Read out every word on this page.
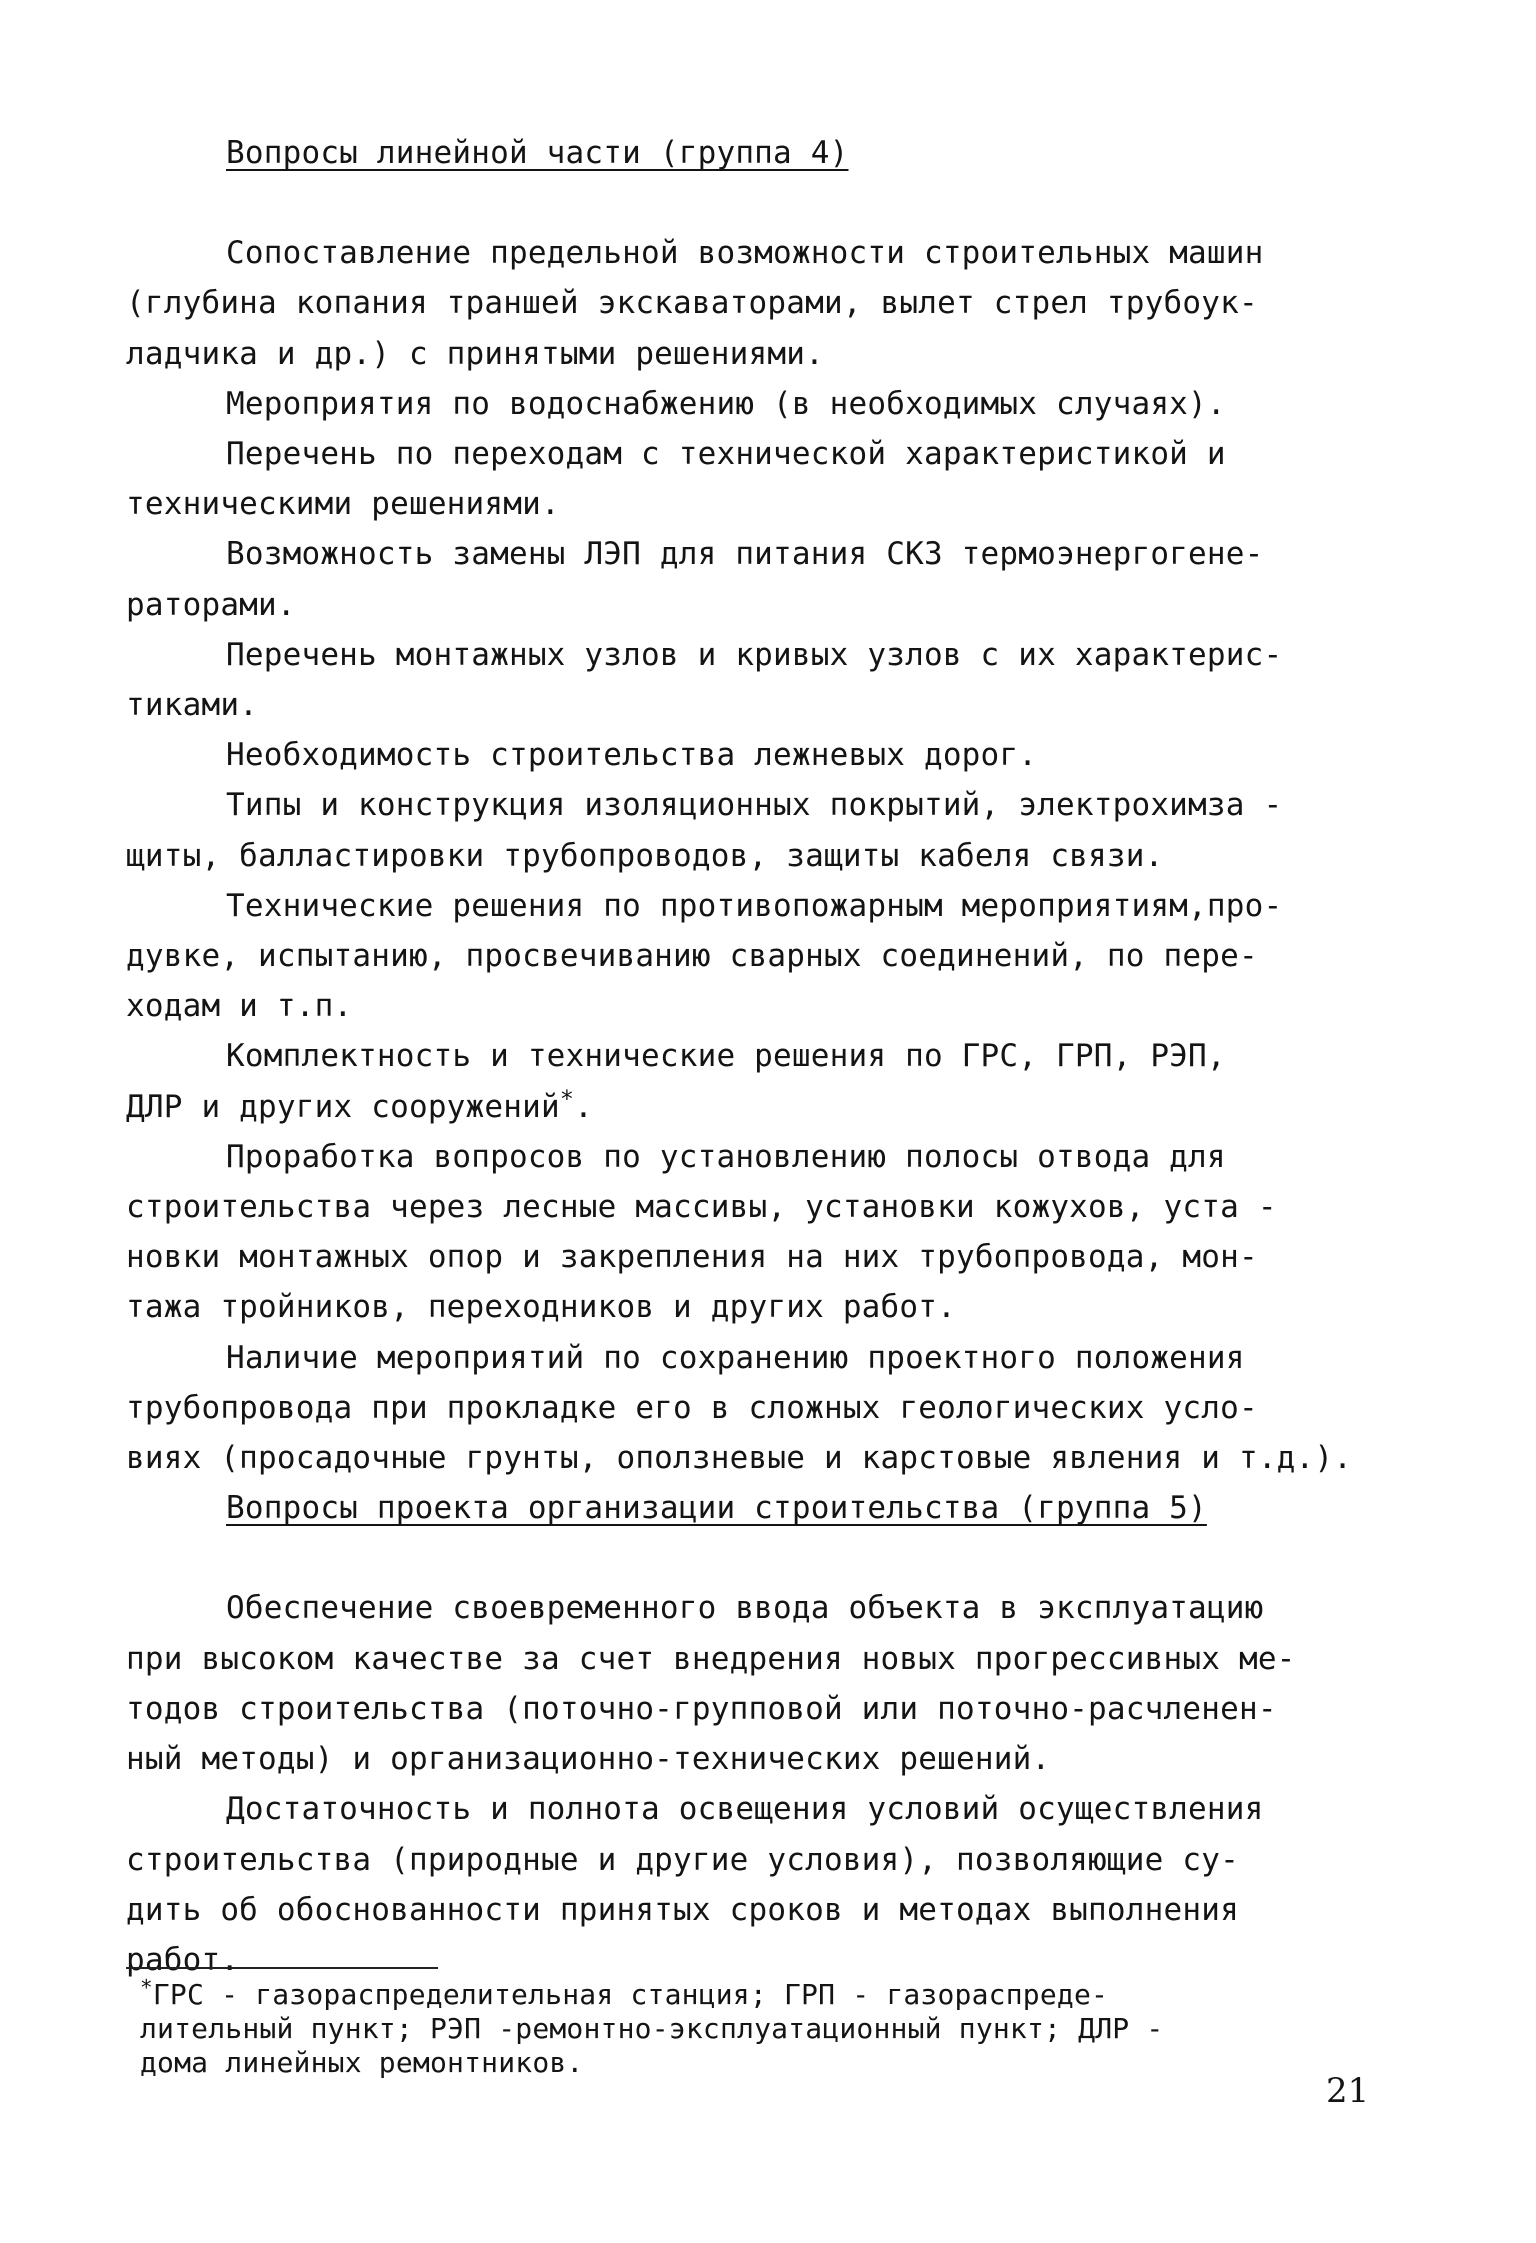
Вопросы линейной части (группа 4)

Сопоставление предельной возможности строительных машин

(глубина копания траншей экскаваторами, вылет стрел трубоук-

ладчика и др.) с принятыми решениями.

Мероприятия по водоснабжению (в необходимых случаях).

Перечень по переходам с технической характеристикой и

техническими решениями.

Возможность замены ЛЭП для питания СКЗ термоэнергогене-

раторами.

Перечень монтажных узлов и кривых узлов с их характерис-

тиками.

Необходимость строительства лежневых дорог.

Типы и конструкция изоляционных покрытий, электрохимза -

щиты, балластировки трубопроводов, защиты кабеля связи.

Технические решения по противопожарным мероприятиям,про-

дувке, испытанию, просвечиванию сварных соединений, по пере-

ходам и т.п.

Комплектность и технические решения по ГРС, ГРП, РЭП,

ДЛР и других сооружений*.

Проработка вопросов по установлению полосы отвода для

строительства через лесные массивы, установки кожухов, уста -

новки монтажных опор и закрепления на них трубопровода, мон-

тажа тройников, переходников и других работ.

Наличие мероприятий по сохранению проектного положения

трубопровода при прокладке его в сложных геологических усло-

виях (просадочные грунты, оползневые и карстовые явления и т.д.).

Вопросы проекта организации строительства (группа 5)

Обеспечение своевременного ввода объекта в эксплуатацию

при высоком качестве за счет внедрения новых прогрессивных ме-

тодов строительства (поточно-групповой или поточно-расчленен-

ный методы) и организационно-технических решений.

Достаточность и полнота освещения условий осуществления

строительства (природные и другие условия), позволяющие су-

дить об обоснованности принятых сроков и методах выполнения

работ.

*ГРС - газораспределительная станция; ГРП - газораспреде-

лительный пункт; РЭП -ремонтно-эксплуатационный пункт; ДЛР -

дома линейных ремонтников.

21
